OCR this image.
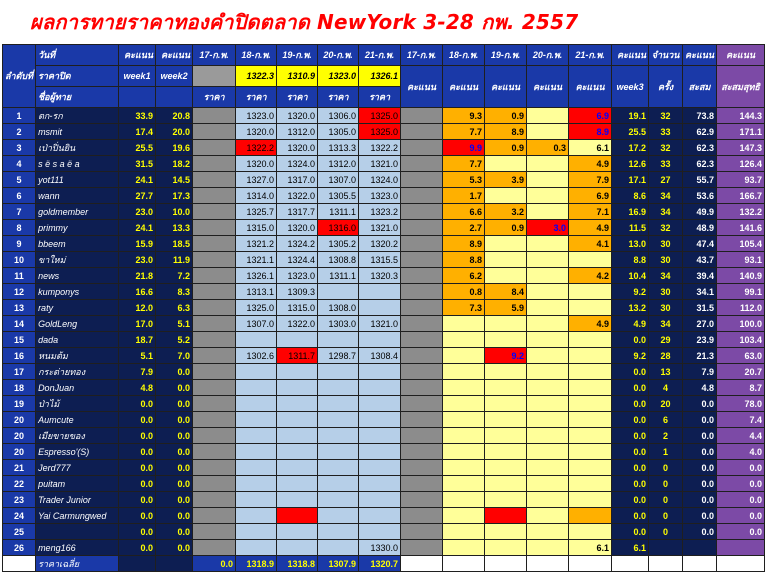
ผลการทายราคาทองคำปิดตลาด NewYork 3-28 กพ. 2557
ลำดับที่	วันที่	คะแนน	คะแนน	17-ก.พ.	18-ก.พ.	19-ก.พ.	20-ก.พ.	21-ก.พ.	17-ก.พ.	18-ก.พ.	19-ก.พ.	20-ก.พ.	21-ก.พ.	คะแนน	จำนวน	คะแนน	คะแนน
	ราคาปิด	week1	week2		1322.3	1310.9	1323.0	1326.1	คะแนน	คะแนน	คะแนน	คะแนน	คะแนน	week3	ครั้ง	สะสม	สะสมสุทธิ
	ชื่อผู้ทาย			ราคา	ราคา	ราคา	ราคา	ราคา									
1	ตก-รก	33.9	20.8		1323.0	1320.0	1306.0	1325.0		9.3	0.9		6.9	19.1	32	73.8	144.3
2	msmit	17.4	20.0		1320.0	1312.0	1305.0	1325.0		7.7	8.9		8.9	25.5	33	62.9	171.1
3	เป่าปิ่นยิน	25.5	19.6		1322.2	1320.0	1313.3	1322.2		9.9	0.9	0.3	6.1	17.2	32	62.3	147.3
4	s ë s a ë a	31.5	18.2		1320.0	1324.0	1312.0	1321.0		7.7			4.9	12.6	33	62.3	126.4
5	yot111	24.1	14.5		1327.0	1317.0	1307.0	1324.0		5.3	3.9		7.9	17.1	27	55.7	93.7
6	wann	27.7	17.3		1314.0	1322.0	1305.5	1323.0		1.7			6.9	8.6	34	53.6	166.7
7	goldmember	23.0	10.0		1325.7	1317.7	1311.1	1323.2		6.6	3.2		7.1	16.9	34	49.9	132.2
8	primmy	24.1	13.3		1315.0	1320.0	1316.0	1321.0		2.7	0.9	3.0	4.9	11.5	32	48.9	141.6
9	bbeem	15.9	18.5		1321.2	1324.2	1305.2	1320.2		8.9			4.1	13.0	30	47.4	105.4
10	ขาใหม่	23.0	11.9		1321.1	1324.4	1308.8	1315.5		8.8				8.8	30	43.7	93.1
11	news	21.8	7.2		1326.1	1323.0	1311.1	1320.3		6.2			4.2	10.4	34	39.4	140.9
12	kumponys	16.6	8.3		1313.1	1309.3				0.8	8.4			9.2	30	34.1	99.1
13	raty	12.0	6.3		1325.0	1315.0	1308.0			7.3	5.9			13.2	30	31.5	112.0
14	GoldLeng	17.0	5.1		1307.0	1322.0	1303.0	1321.0					4.9	4.9	34	27.0	100.0
15	dada	18.7	5.2											0.0	29	23.9	103.4
16	หนมต้ม	5.1	7.0		1302.6	1311.7	1298.7	1308.4			9.2			9.2	28	21.3	63.0
17	กระต่ายทอง	7.9	0.0											0.0	13	7.9	20.7
18	DonJuan	4.8	0.0											0.0	4	4.8	8.7
19	ป่าไม้	0.0	0.0											0.0	20	0.0	78.0
20	Aumcute	0.0	0.0											0.0	6	0.0	7.4
20	เมียขายของ	0.0	0.0											0.0	2	0.0	4.4
20	Espresso'(S)	0.0	0.0											0.0	1	0.0	4.0
21	Jerd777	0.0	0.0											0.0	0	0.0	0.0
22	puitam	0.0	0.0											0.0	0	0.0	0.0
23	Trader Junior	0.0	0.0											0.0	0	0.0	0.0
24	Yai Carmungwed	0.0	0.0											0.0	0	0.0	0.0
25		0.0	0.0											0.0	0	0.0	0.0
26	meng166	0.0	0.0					1330.0					6.1	6.1			
	ราคาเฉลี่ย			0.0	1318.9	1318.8	1307.9	1320.7									
